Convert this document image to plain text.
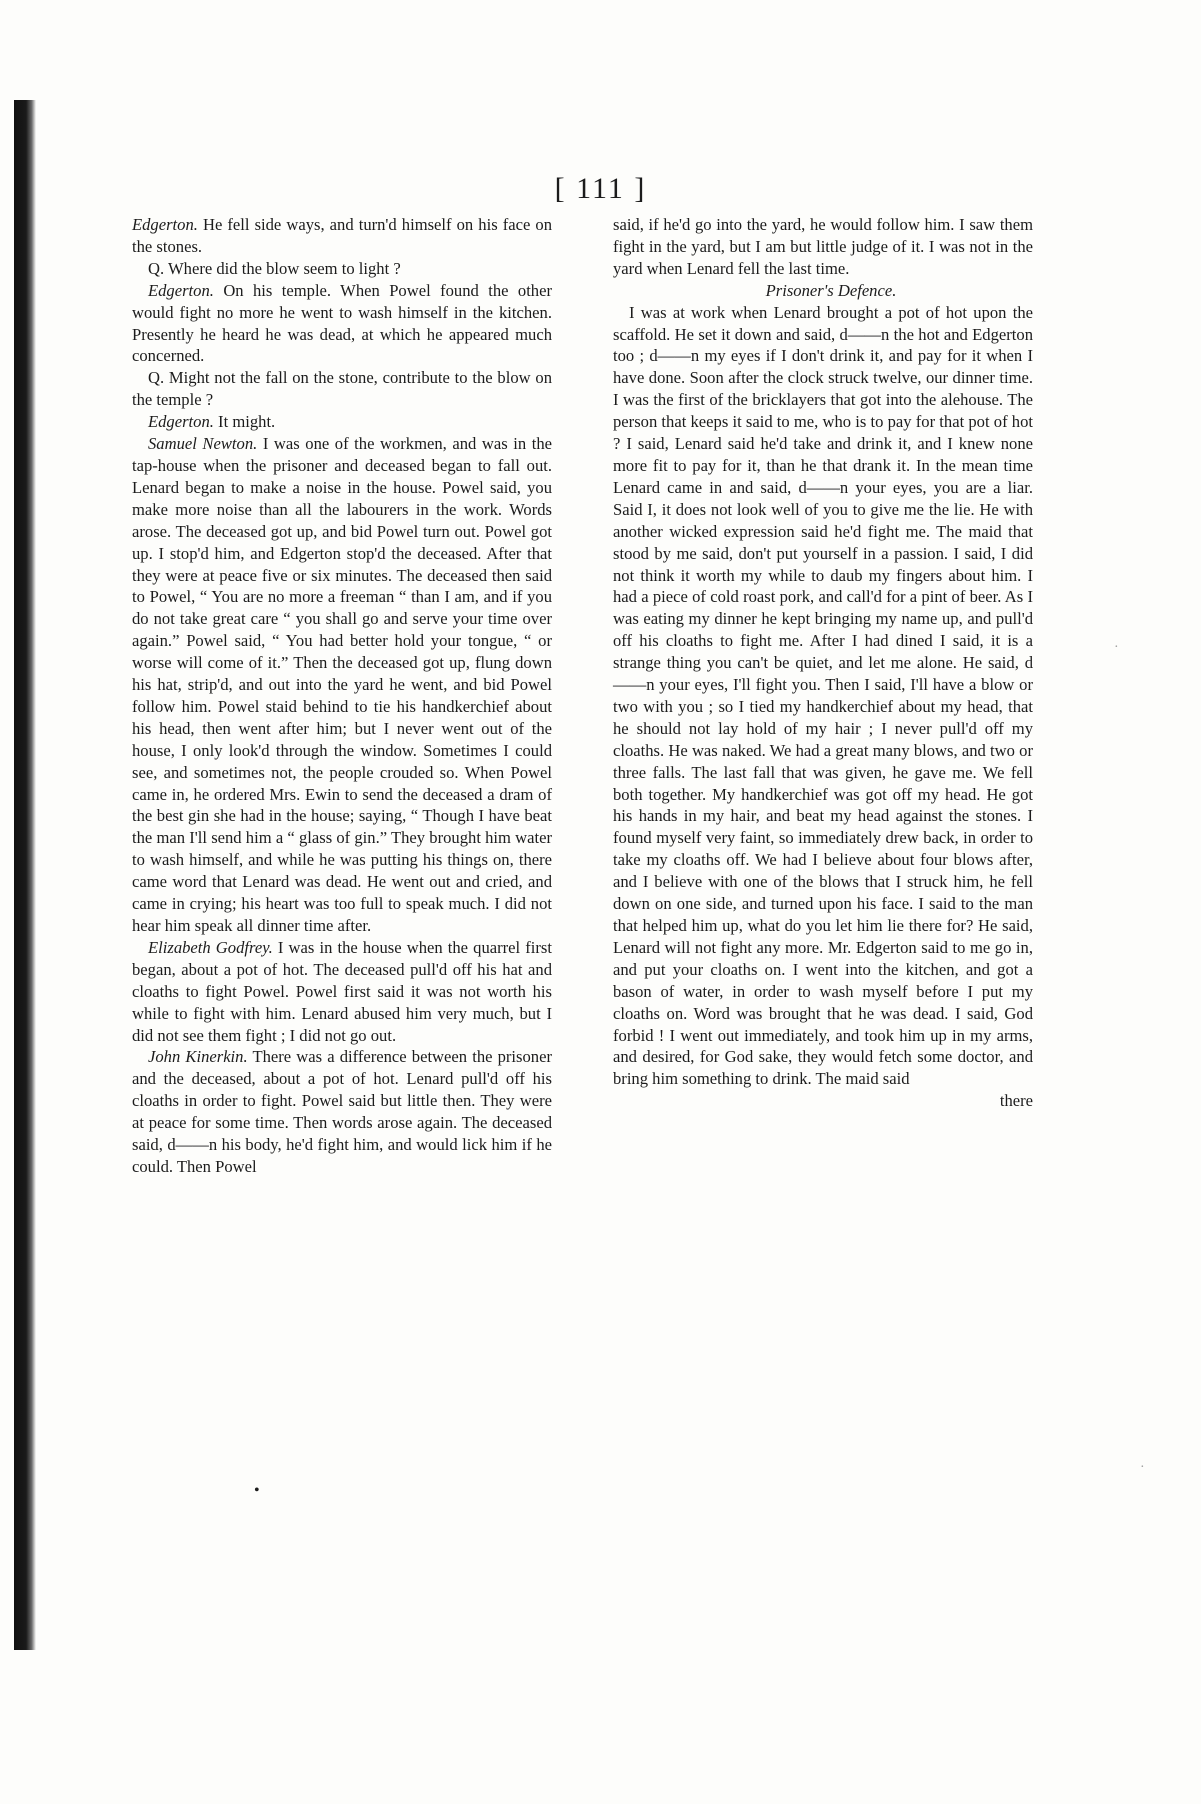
[ 111 ]

Edgerton. He fell side ways, and turn'd himself on his face on the stones.

Q. Where did the blow seem to light ?

Edgerton. On his temple. When Powel found the other would fight no more he went to wash himself in the kitchen. Presently he heard he was dead, at which he appeared much concerned.

Q. Might not the fall on the stone, contribute to the blow on the temple ?

Edgerton. It might.

Samuel Newton. I was one of the workmen, and was in the tap-house when the prisoner and deceased began to fall out. Lenard began to make a noise in the house. Powel said, you make more noise than all the labourers in the work. Words arose. The deceased got up, and bid Powel turn out. Powel got up. I stop'd him, and Edgerton stop'd the deceased. After that they were at peace five or six minutes. The deceased then said to Powel, “ You are no more a freeman “ than I am, and if you do not take great care “ you shall go and serve your time over again.” Powel said, “ You had better hold your tongue, “ or worse will come of it.” Then the deceased got up, flung down his hat, strip'd, and out into the yard he went, and bid Powel follow him. Powel staid behind to tie his handkerchief about his head, then went after him; but I never went out of the house, I only look'd through the window. Sometimes I could see, and sometimes not, the people crouded so. When Powel came in, he ordered Mrs. Ewin to send the deceased a dram of the best gin she had in the house; saying, “ Though I have beat the man I'll send him a “ glass of gin.” They brought him water to wash himself, and while he was putting his things on, there came word that Lenard was dead. He went out and cried, and came in crying; his heart was too full to speak much. I did not hear him speak all dinner time after.

Elizabeth Godfrey. I was in the house when the quarrel first began, about a pot of hot. The deceased pull'd off his hat and cloaths to fight Powel. Powel first said it was not worth his while to fight with him. Lenard abused him very much, but I did not see them fight ; I did not go out.

John Kinerkin. There was a difference between the prisoner and the deceased, about a pot of hot. Lenard pull'd off his cloaths in order to fight. Powel said but little then. They were at peace for some time. Then words arose again. The deceased said, d——n his body, he'd fight him, and would lick him if he could. Then Powel

said, if he'd go into the yard, he would follow him. I saw them fight in the yard, but I am but little judge of it. I was not in the yard when Lenard fell the last time.

Prisoner's Defence.

I was at work when Lenard brought a pot of hot upon the scaffold. He set it down and said, d——n the hot and Edgerton too ; d——n my eyes if I don't drink it, and pay for it when I have done. Soon after the clock struck twelve, our dinner time. I was the first of the bricklayers that got into the alehouse. The person that keeps it said to me, who is to pay for that pot of hot ? I said, Lenard said he'd take and drink it, and I knew none more fit to pay for it, than he that drank it. In the mean time Lenard came in and said, d——n your eyes, you are a liar. Said I, it does not look well of you to give me the lie. He with another wicked expression said he'd fight me. The maid that stood by me said, don't put yourself in a passion. I said, I did not think it worth my while to daub my fingers about him. I had a piece of cold roast pork, and call'd for a pint of beer. As I was eating my dinner he kept bringing my name up, and pull'd off his cloaths to fight me. After I had dined I said, it is a strange thing you can't be quiet, and let me alone. He said, d——n your eyes, I'll fight you. Then I said, I'll have a blow or two with you ; so I tied my handkerchief about my head, that he should not lay hold of my hair ; I never pull'd off my cloaths. He was naked. We had a great many blows, and two or three falls. The last fall that was given, he gave me. We fell both together. My handkerchief was got off my head. He got his hands in my hair, and beat my head against the stones. I found myself very faint, so immediately drew back, in order to take my cloaths off. We had I believe about four blows after, and I believe with one of the blows that I struck him, he fell down on one side, and turned upon his face. I said to the man that helped him up, what do you let him lie there for? He said, Lenard will not fight any more. Mr. Edgerton said to me go in, and put your cloaths on. I went into the kitchen, and got a bason of water, in order to wash myself before I put my cloaths on. Word was brought that he was dead. I said, God forbid ! I went out immediately, and took him up in my arms, and desired, for God sake, they would fetch some doctor, and bring him something to drink. The maid said

there

•
·
·
